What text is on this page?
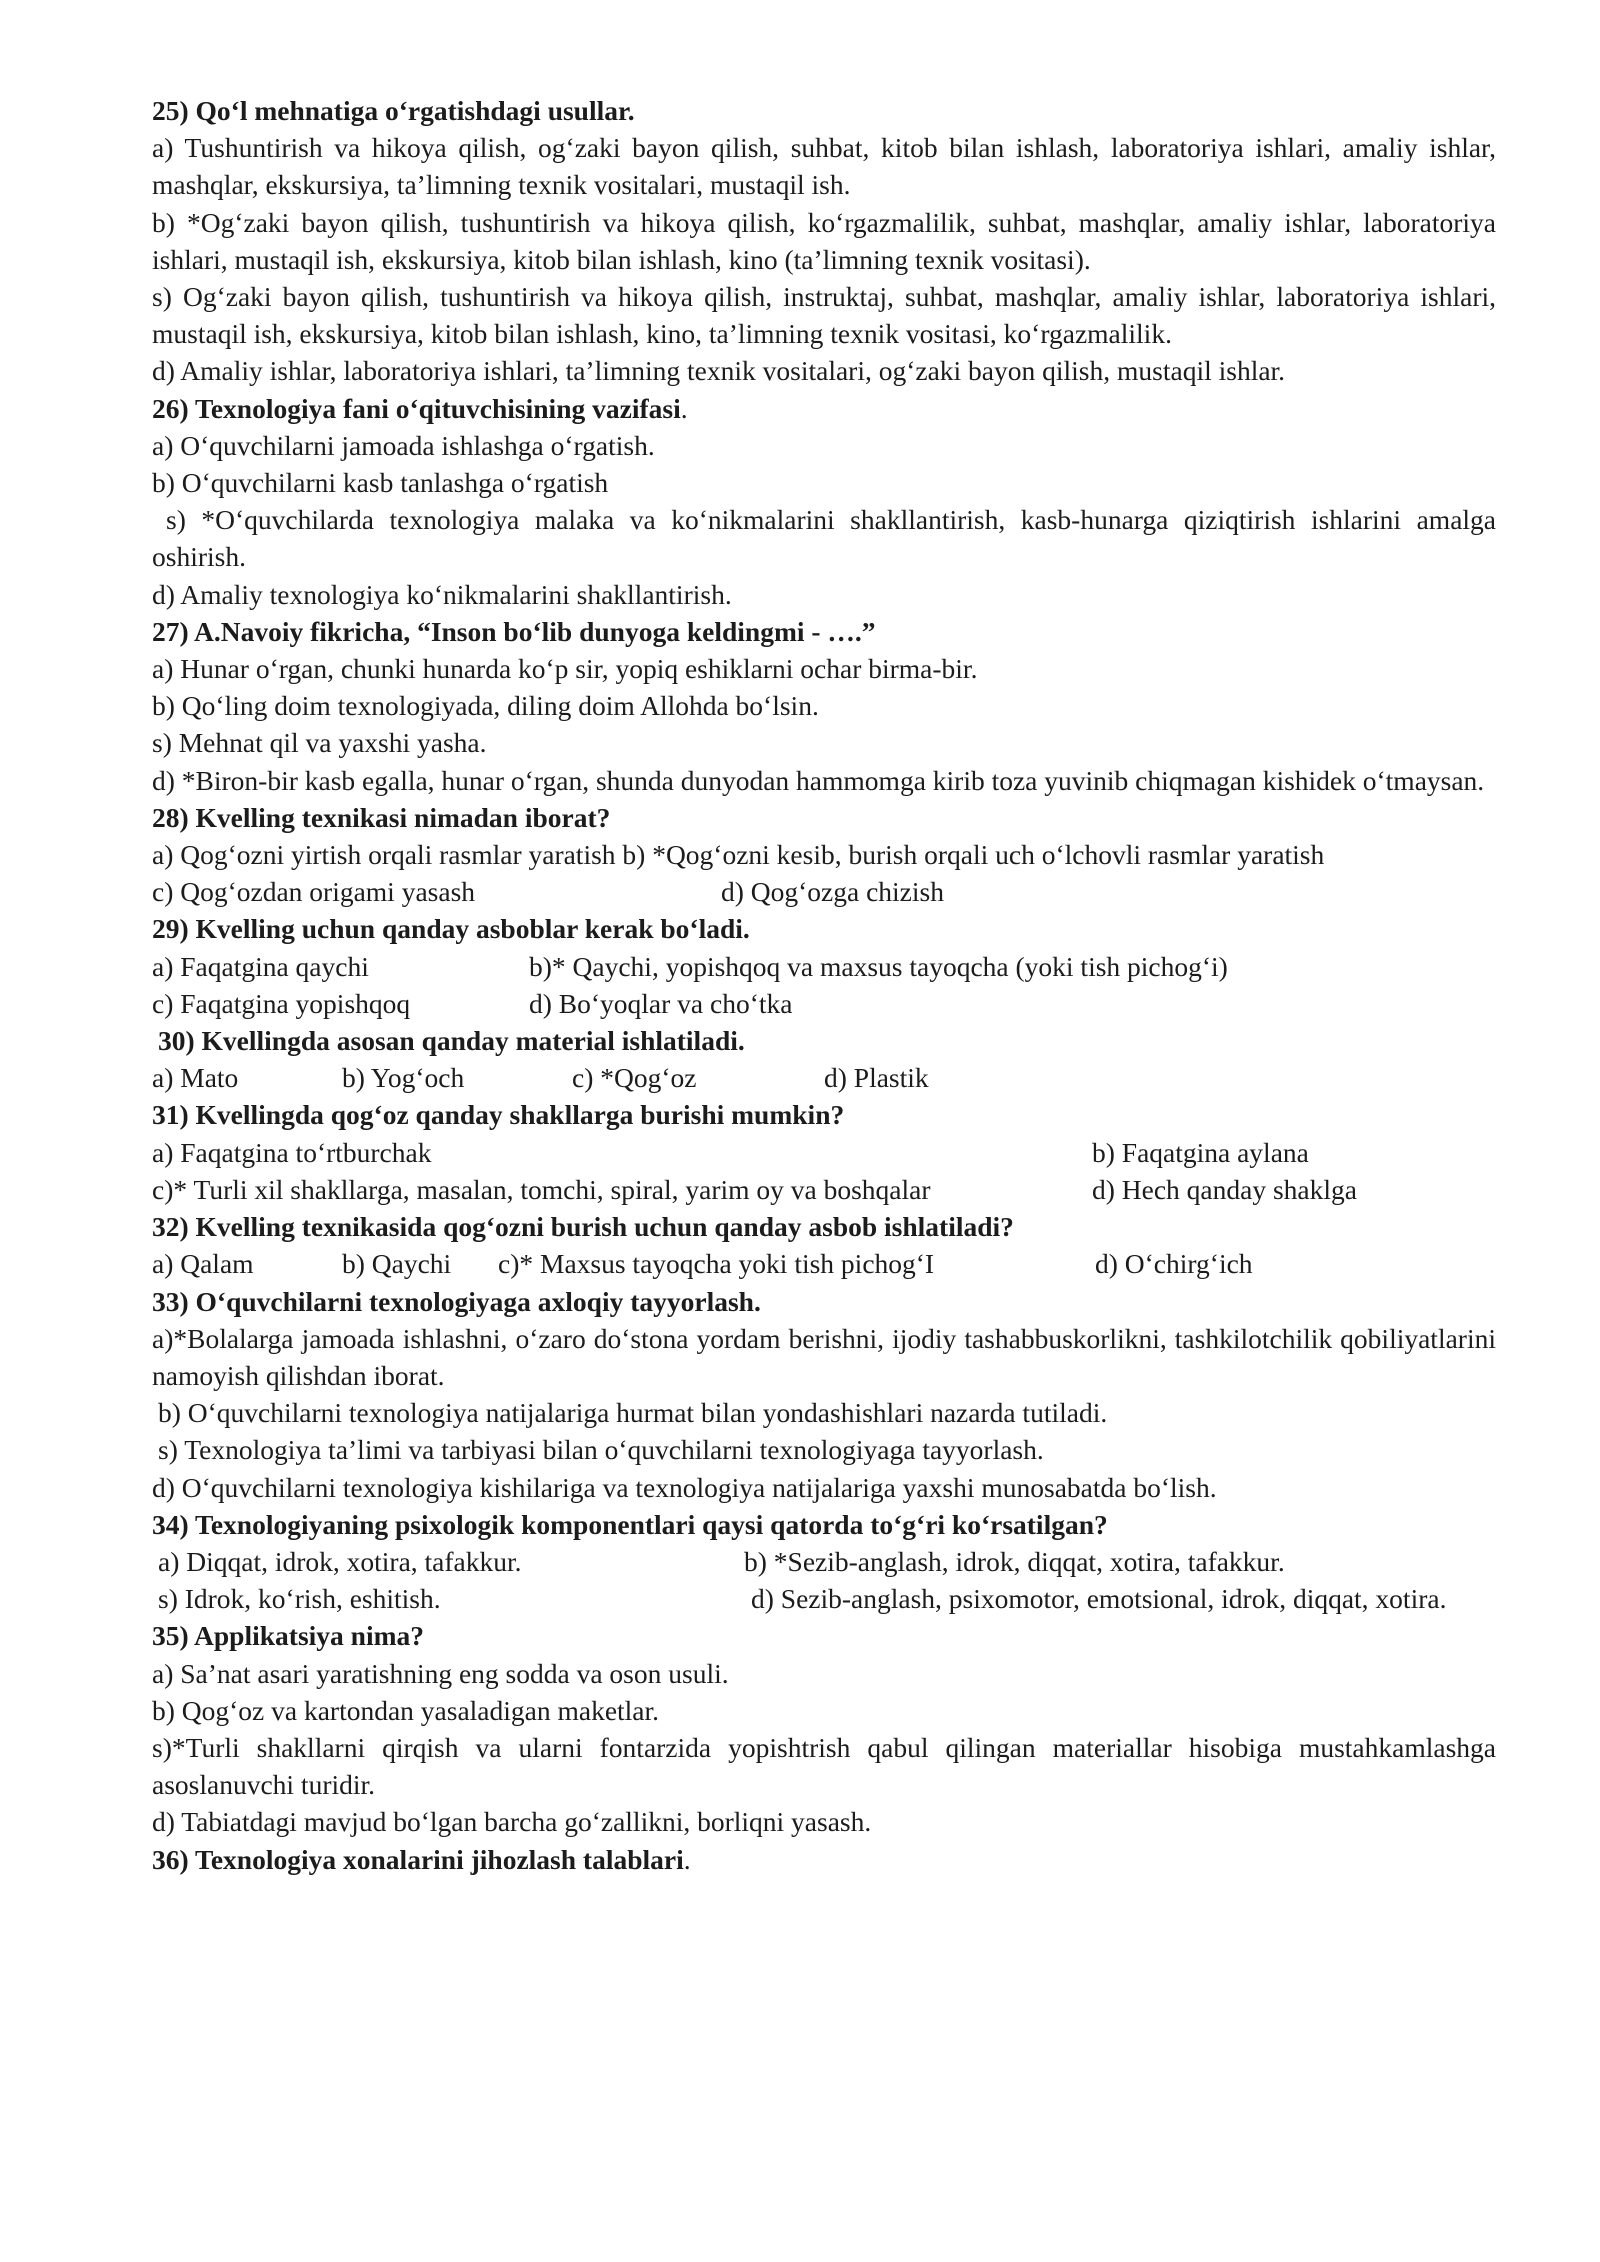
25) Qo‘l mehnatiga o‘rgatishdagi usullar.
a) Tushuntirish va hikoya qilish, og‘zaki bayon qilish, suhbat, kitob bilan ishlash, laboratoriya ishlari, amaliy ishlar, mashqlar, ekskursiya, ta’limning texnik vositalari, mustaqil ish.
b) *Og‘zaki bayon qilish, tushuntirish va hikoya qilish, ko‘rgazmalilik, suhbat, mashqlar, amaliy ishlar, laboratoriya ishlari, mustaqil ish, ekskursiya, kitob bilan ishlash, kino (ta’limning texnik vositasi).
s) Og‘zaki bayon qilish, tushuntirish va hikoya qilish, instruktaj, suhbat, mashqlar, amaliy ishlar, laboratoriya ishlari, mustaqil ish, ekskursiya, kitob bilan ishlash, kino, ta’limning texnik vositasi, ko‘rgazmalilik.
d) Amaliy ishlar, laboratoriya ishlari, ta’limning texnik vositalari, og‘zaki bayon qilish, mustaqil ishlar.
26) Texnologiya fani o‘qituvchisining vazifasi.
a) O‘quvchilarni jamoada ishlashga o‘rgatish.
b) O‘quvchilarni kasb tanlashga o‘rgatish
s) *O‘quvchilarda texnologiya malaka va ko‘nikmalarini shakllantirish, kasb-hunarga qiziqtirish ishlarini amalga oshirish.
d) Amaliy texnologiya ko‘nikmalarini shakllantirish.
27) A.Navoiy fikricha, “Inson bo‘lib dunyoga keldingmi - ….”
a) Hunar o‘rgan, chunki hunarda ko‘p sir, yopiq eshiklarni ochar birma-bir.
b) Qo‘ling doim texnologiyada, diling doim Allohda bo‘lsin.
s) Mehnat qil va yaxshi yasha.
d) *Biron-bir kasb egalla, hunar o‘rgan, shunda dunyodan hammomga kirib toza yuvinib chiqmagan kishidek o‘tmaysan.
28) Kvelling texnikasi nimadan iborat?
a) Qog‘ozni yirtish orqali rasmlar yaratish b) *Qog‘ozni kesib, burish orqali uch o‘lchovli rasmlar yaratish
c) Qog‘ozdan origami yasash	d) Qog‘ozga chizish
29) Kvelling uchun qanday asboblar kerak bo‘ladi.
a) Faqatgina qaychi	b)* Qaychi, yopishqoq va maxsus tayoqcha (yoki tish pichog‘i)
c) Faqatgina yopishqoq	d) Bo‘yoqlar va cho‘tka
30) Kvellingda asosan qanday material ishlatiladi.
a) Mato	b) Yog‘och	c) *Qog‘oz	d) Plastik
31) Kvellingda qog‘oz qanday shakllarga burishi mumkin?
a) Faqatgina to‘rtburchak	b) Faqatgina aylana
c)* Turli xil shakllarga, masalan, tomchi, spiral, yarim oy va boshqalar	d) Hech qanday shaklga
32) Kvelling texnikasida qog‘ozni burish uchun qanday asbob ishlatiladi?
a) Qalam	b) Qaychi	c)* Maxsus tayoqcha yoki tish pichog‘I	d) O‘chirg‘ich
33) O‘quvchilarni texnologiyaga axloqiy tayyorlash.
a)*Bolalarga jamoada ishlashni, o‘zaro do‘stona yordam berishni, ijodiy tashabbuskorlikni, tashkilotchilik qobiliyatlarini namoyish qilishdan iborat.
b) O‘quvchilarni texnologiya natijalariga hurmat bilan yondashishlari nazarda tutiladi.
s) Texnologiya ta’limi va tarbiyasi bilan o‘quvchilarni texnologiyaga tayyorlash.
d) O‘quvchilarni texnologiya kishilariga va texnologiya natijalariga yaxshi munosabatda bo‘lish.
34) Texnologiyaning psixologik komponentlari qaysi qatorda to‘g‘ri ko‘rsatilgan?
a) Diqqat, idrok, xotira, tafakkur.	b) *Sezib-anglash, idrok, diqqat, xotira, tafakkur.
s) Idrok, ko‘rish, eshitish.	d) Sezib-anglash, psixomotor, emotsional, idrok, diqqat, xotira.
35) Applikatsiya nima?
a) Sa’nat asari yaratishning eng sodda va oson usuli.
b) Qog‘oz va kartondan yasaladigan maketlar.
s)*Turli shakllarni qirqish va ularni fontarzida yopishtrish qabul qilingan materiallar hisobiga mustahkamlashga asoslanuvchi turidir.
d) Tabiatdagi mavjud bo‘lgan barcha go‘zallikni, borliqni yasash.
36) Texnologiya xonalarini jihozlash talablari.
